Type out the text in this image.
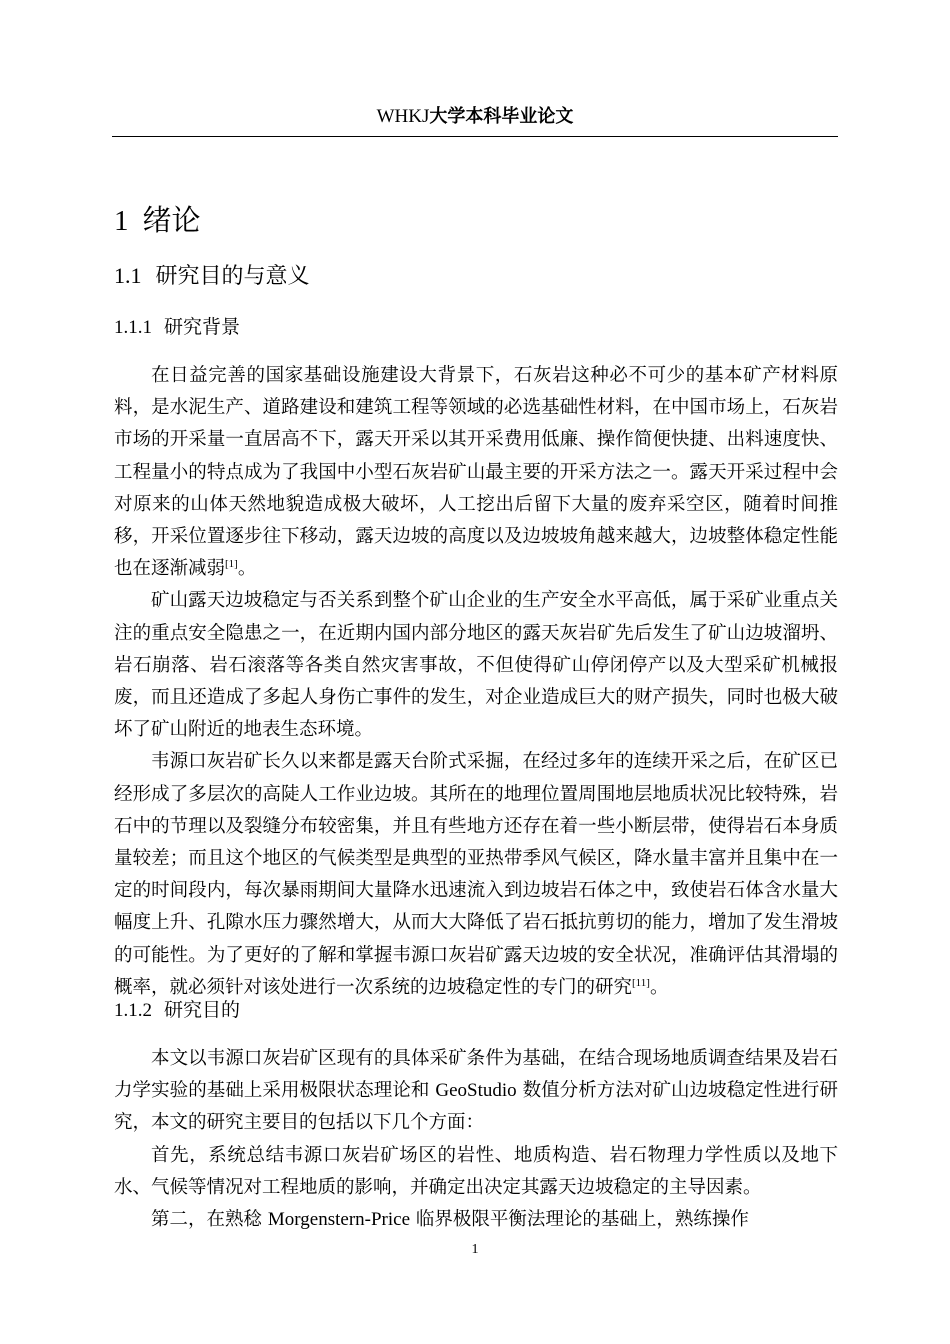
WHKJ大学本科毕业论文
1 绪论
1.1 研究目的与意义
1.1.1 研究背景

在日益完善的国家基础设施建设大背景下，石灰岩这种必不可少的基本矿产材料原料，是水泥生产、道路建设和建筑工程等领域的必选基础性材料，在中国市场上，石灰岩市场的开采量一直居高不下，露天开采以其开采费用低廉、操作简便快捷、出料速度快、工程量小的特点成为了我国中小型石灰岩矿山最主要的开采方法之一。露天开采过程中会对原来的山体天然地貌造成极大破坏，人工挖出后留下大量的废弃采空区，随着时间推移，开采位置逐步往下移动，露天边坡的高度以及边坡坡角越来越大，边坡整体稳定性能也在逐渐减弱[1]。

矿山露天边坡稳定与否关系到整个矿山企业的生产安全水平高低，属于采矿业重点关注的重点安全隐患之一，在近期内国内部分地区的露天灰岩矿先后发生了矿山边坡溜坍、岩石崩落、岩石滚落等各类自然灾害事故，不但使得矿山停闭停产以及大型采矿机械报废，而且还造成了多起人身伤亡事件的发生，对企业造成巨大的财产损失，同时也极大破坏了矿山附近的地表生态环境。

韦源口灰岩矿长久以来都是露天台阶式采掘，在经过多年的连续开采之后，在矿区已经形成了多层次的高陡人工作业边坡。其所在的地理位置周围地层地质状况比较特殊，岩石中的节理以及裂缝分布较密集，并且有些地方还存在着一些小断层带，使得岩石本身质量较差；而且这个地区的气候类型是典型的亚热带季风气候区，降水量丰富并且集中在一定的时间段内，每次暴雨期间大量降水迅速流入到边坡岩石体之中，致使岩石体含水量大幅度上升、孔隙水压力骤然增大，从而大大降低了岩石抵抗剪切的能力，增加了发生滑坡的可能性。为了更好的了解和掌握韦源口灰岩矿露天边坡的安全状况，准确评估其滑塌的概率，就必须针对该处进行一次系统的边坡稳定性的专门的研究[11]。

1.1.2 研究目的

本文以韦源口灰岩矿区现有的具体采矿条件为基础，在结合现场地质调查结果及岩石力学实验的基础上采用极限状态理论和 GeoStudio 数值分析方法对矿山边坡稳定性进行研究，本文的研究主要目的包括以下几个方面：

首先，系统总结韦源口灰岩矿场区的岩性、地质构造、岩石物理力学性质以及地下水、气候等情况对工程地质的影响，并确定出决定其露天边坡稳定的主导因素。

第二，在熟稔 Morgenstern-Price 临界极限平衡法理论的基础上，熟练操作

1
